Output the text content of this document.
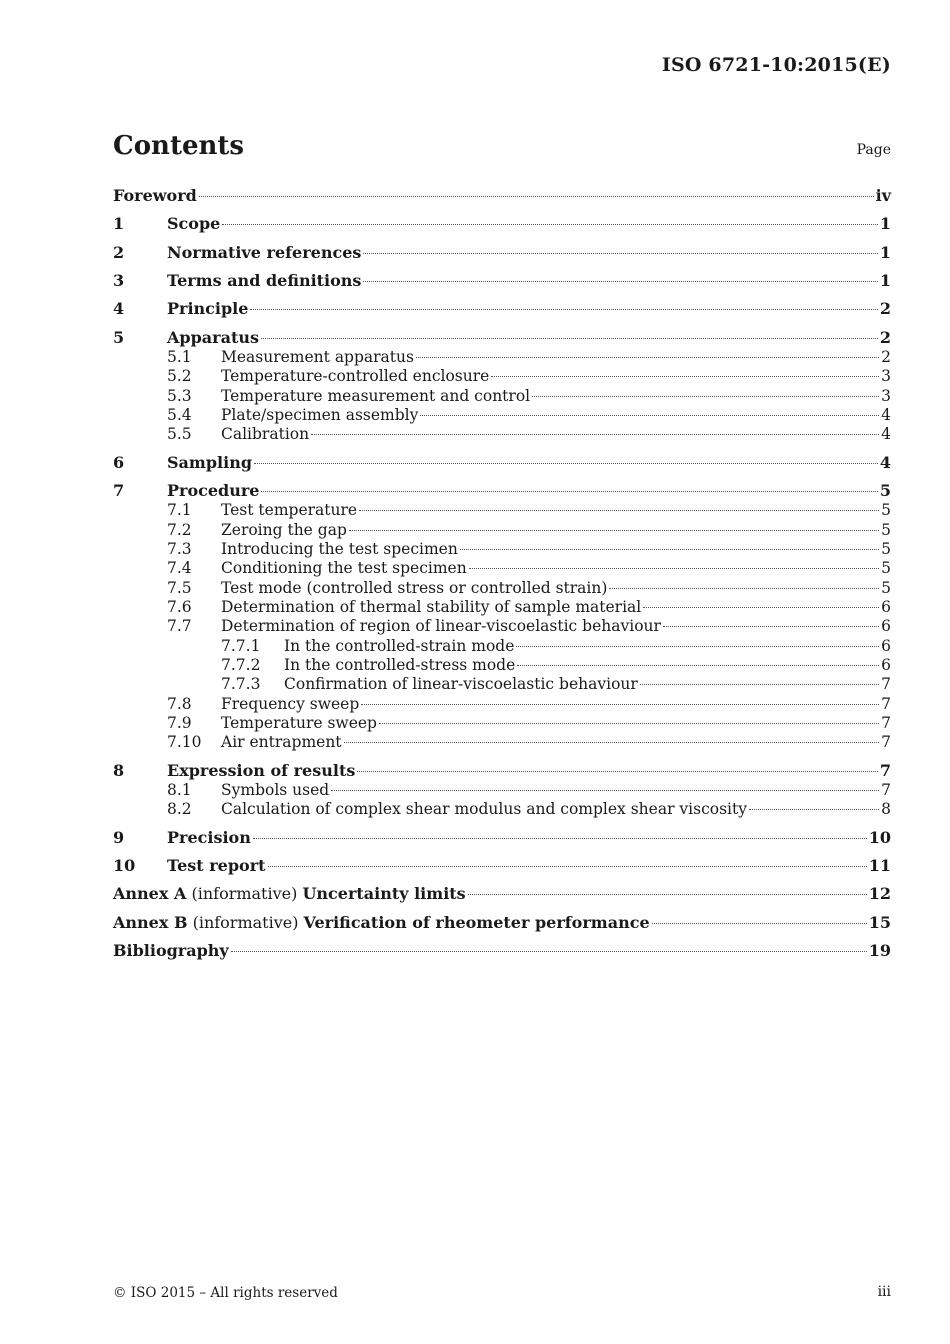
ISO 6721-10:2015(E)
Contents	Page
Foreword	iv
1	Scope	1
2	Normative references	1
3	Terms and definitions	1
4	Principle	2
5	Apparatus	2
5.1	Measurement apparatus	2
5.2	Temperature-controlled enclosure	3
5.3	Temperature measurement and control	3
5.4	Plate/specimen assembly	4
5.5	Calibration	4
6	Sampling	4
7	Procedure	5
7.1	Test temperature	5
7.2	Zeroing the gap	5
7.3	Introducing the test specimen	5
7.4	Conditioning the test specimen	5
7.5	Test mode (controlled stress or controlled strain)	5
7.6	Determination of thermal stability of sample material	6
7.7	Determination of region of linear-viscoelastic behaviour	6
7.7.1	In the controlled-strain mode	6
7.7.2	In the controlled-stress mode	6
7.7.3	Confirmation of linear-viscoelastic behaviour	7
7.8	Frequency sweep	7
7.9	Temperature sweep	7
7.10	Air entrapment	7
8	Expression of results	7
8.1	Symbols used	7
8.2	Calculation of complex shear modulus and complex shear viscosity	8
9	Precision	10
10	Test report	11
Annex A (informative) Uncertainty limits	12
Annex B (informative) Verification of rheometer performance	15
Bibliography	19
© ISO 2015 – All rights reserved	iii
